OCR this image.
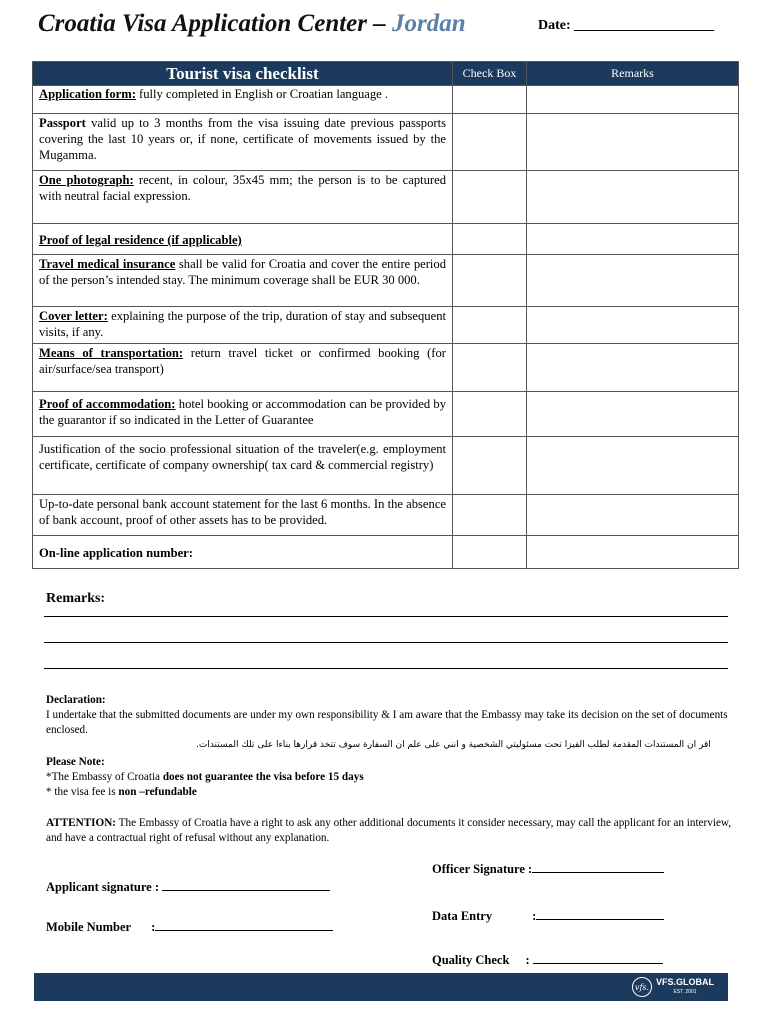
Croatia Visa Application Center – Jordan	Date: ____________________
Tourist visa checklist	Check Box	Remarks
Application form: fully completed in English or Croatian language .		
Passport valid up to 3 months from the visa issuing date previous passports covering the last 10 years or, if none, certificate of movements issued by the Mugamma.		
One photograph: recent, in colour, 35x45 mm; the person is to be captured with neutral facial expression.		
Proof of legal residence (if applicable)		
Travel medical insurance shall be valid for Croatia and cover the entire period of the person’s intended stay. The minimum coverage shall be EUR 30 000.		
Cover letter: explaining the purpose of the trip, duration of stay and subsequent visits, if any.		
Means of transportation: return travel ticket or confirmed booking (for air/surface/sea transport)		
Proof of accommodation: hotel booking or accommodation can be provided by the guarantor if so indicated in the Letter of Guarantee		
Justification of the socio professional situation of the traveler(e.g. employment certificate, certificate of company ownership( tax card & commercial registry)		
Up-to-date personal bank account statement for the last 6 months. In the absence of bank account, proof of other assets has to be provided.		
On-line application number:		
Remarks:
Declaration:
I undertake that the submitted documents are under my own responsibility & I am aware that the Embassy may take its decision on the set of documents enclosed.
اقر ان المستندات المقدمة لطلب الفيزا تحت مسئوليتي الشخصية و انني على علم ان السفارة سوف تتخذ قرارها بناءا على تلك المستندات.
Please Note:
*The Embassy of Croatia does not guarantee the visa before 15 days
* the visa fee is non –refundable
ATTENTION: The Embassy of Croatia have a right to ask any other additional documents it consider necessary, may call the applicant for an interview, and have a contractual right of refusal without any explanation.
Officer Signature :
Applicant signature :
Data Entry	:
Mobile Number :
Quality Check :
vfs. VFS.GLOBAL
EST. 2001
